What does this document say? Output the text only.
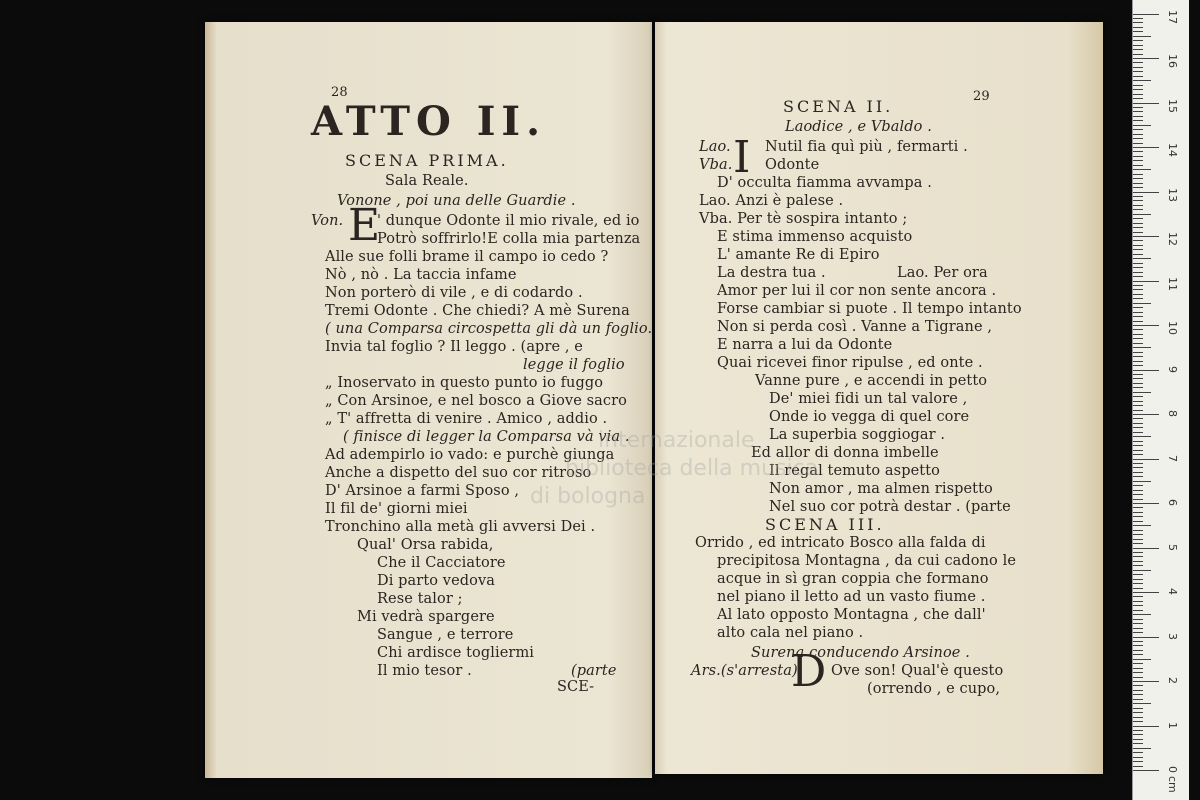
28
ATTO II.
SCENA PRIMA.
Sala Reale.
Vonone , poi una delle Guardie .
Von. E
' dunque Odonte il mio rivale, ed io
Potrò soffrirlo!E colla mia partenza
Alle sue folli brame il campo io cedo ?
Nò , nò . La taccia infame
Non porterò di vile , e di codardo .
Tremi Odonte . Che chiedi? A mè Surena
( una Comparsa circospetta gli dà un foglio.
Invia tal foglio ? Il leggo . (apre , e
legge il foglio
„ Inoservato in questo punto io fuggo
„ Con Arsinoe, e nel bosco a Giove sacro
„ T' affretta di venire . Amico , addio .
( finisce di legger la Comparsa và via .
Ad adempirlo io vado: e purchè giunga
Anche a dispetto del suo cor ritroso
D' Arsinoe a farmi Sposo ,
Il fil de' giorni miei
Tronchino alla metà gli avversi Dei .
Qual' Orsa rabida,
Che il Cacciatore
Di parto vedova
Rese talor ;
Mi vedrà spargere
Sangue , e terrore
Chi ardisce togliermi
Il mio tesor .	(parte
SCE-
29
SCENA II.
Laodice , e Vbaldo .
I
D
Lao. Nutil fia quì più , fermarti .
Vba. Odonte
D' occulta fiamma avvampa .
Lao. Anzi è palese .
Vba. Per tè sospira intanto ;
E stima immenso acquisto
L' amante Re di Epiro
La destra tua .	Lao. Per ora
Amor per lui il cor non sente ancora .
Forse cambiar si puote . Il tempo intanto
Non si perda così . Vanne a Tigrane ,
E narra a lui da Odonte
Quai ricevei finor ripulse , ed onte .
Vanne pure , e accendi in petto
De' miei fidi un tal valore ,
Onde io vegga di quel core
La superbia soggiogar .
Ed allor di donna imbelle
Il regal temuto aspetto
Non amor , ma almen rispetto
Nel suo cor potrà destar . (parte
SCENA III.
Orrido , ed intricato Bosco alla falda di
precipitosa Montagna , da cui cadono le
acque in sì gran coppia che formano
nel piano il letto ad un vasto fiume .
Al lato opposto Montagna , che dall'
alto cala nel piano .
Surena conducendo Arsinoe .
Ars.(s'arresta) Ove son! Qual'è questo
(orrendo , e cupo,
internazionale
biblioteca della musica
di bologna
0
1
2
3
4
5
6
7
8
9
10
11
12
13
14
15
16
17
cm
